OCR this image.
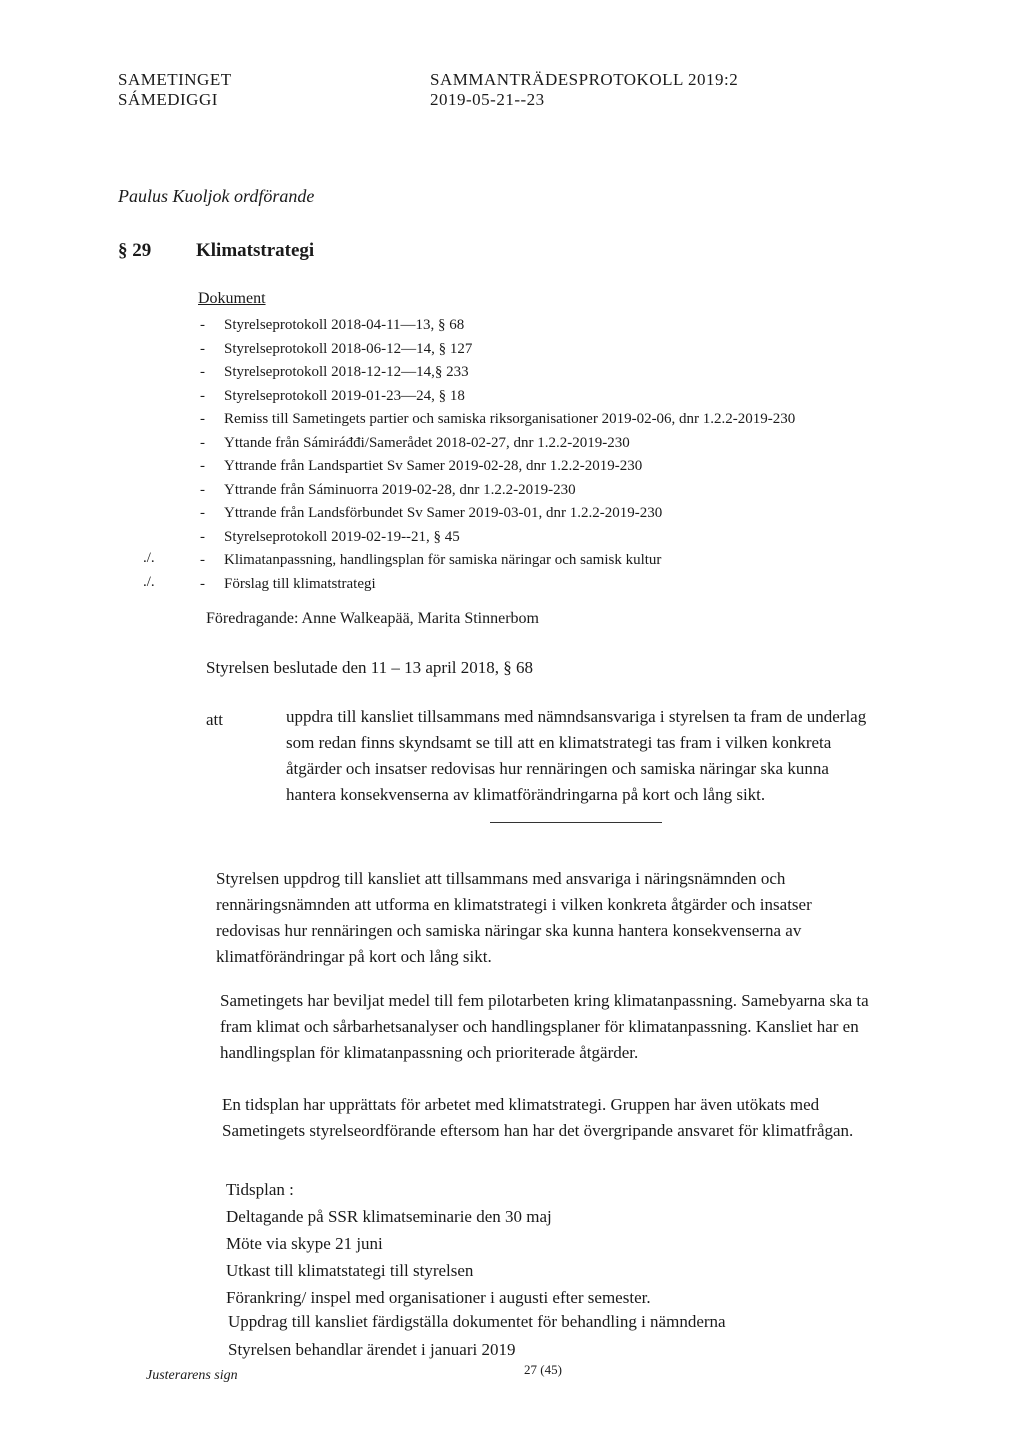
SAMETINGET
SÁMEDIGGI
SAMMANTRÄDESPROTOKOLL 2019:2
2019-05-21--23
Paulus Kuoljok ordförande
§ 29 Klimatstrategi
Dokument
-	Styrelseprotokoll 2018-04-11—13, § 68
-	Styrelseprotokoll 2018-06-12—14, § 127
-	Styrelseprotokoll 2018-12-12—14,§ 233
-	Styrelseprotokoll 2019-01-23—24, § 18
-	Remiss till Sametingets partier och samiska riksorganisationer 2019-02-06, dnr 1.2.2-2019-230
-	Yttande från Sámiráđđi/Samerådet 2018-02-27, dnr 1.2.2-2019-230
-	Yttrande från Landspartiet Sv Samer 2019-02-28, dnr 1.2.2-2019-230
-	Yttrande från Sáminuorra 2019-02-28, dnr 1.2.2-2019-230
-	Yttrande från Landsförbundet Sv Samer 2019-03-01, dnr 1.2.2-2019-230
-	Styrelseprotokoll 2019-02-19--21, § 45
-	Klimatanpassning, handlingsplan för samiska näringar och samisk kultur
-	Förslag till klimatstrategi
./.
./.
Föredragande: Anne Walkeapää, Marita Stinnerbom
Styrelsen beslutade den 11 – 13 april 2018, § 68
att	uppdra till kansliet tillsammans med nämndsansvariga i styrelsen ta fram de underlag
som redan finns skyndsamt se till att en klimatstrategi tas fram i vilken konkreta
åtgärder och insatser redovisas hur rennäringen och samiska näringar ska kunna
hantera konsekvenserna av klimatförändringarna på kort och lång sikt.
Styrelsen uppdrog till kansliet att tillsammans med ansvariga i näringsnämnden och
rennäringsnämnden att utforma en klimatstrategi i vilken konkreta åtgärder och insatser
redovisas hur rennäringen och samiska näringar ska kunna hantera konsekvenserna av
klimatförändringar på kort och lång sikt.
Sametingets har beviljat medel till fem pilotarbeten kring klimatanpassning. Samebyarna ska ta
fram klimat och sårbarhetsanalyser och handlingsplaner för klimatanpassning. Kansliet har en
handlingsplan för klimatanpassning och prioriterade åtgärder.
En tidsplan har upprättats för arbetet med klimatstrategi. Gruppen har även utökats med
Sametingets styrelseordförande eftersom han har det övergripande ansvaret för klimatfrågan.
Tidsplan :
Deltagande på SSR klimatseminarie den 30 maj
Möte via skype 21 juni
Utkast till klimatstategi till styrelsen
Förankring/ inspel med organisationer i augusti efter semester.
Uppdrag till kansliet färdigställa dokumentet för behandling i nämnderna
Styrelsen behandlar ärendet i januari 2019
Justerarens sign	27 (45)
